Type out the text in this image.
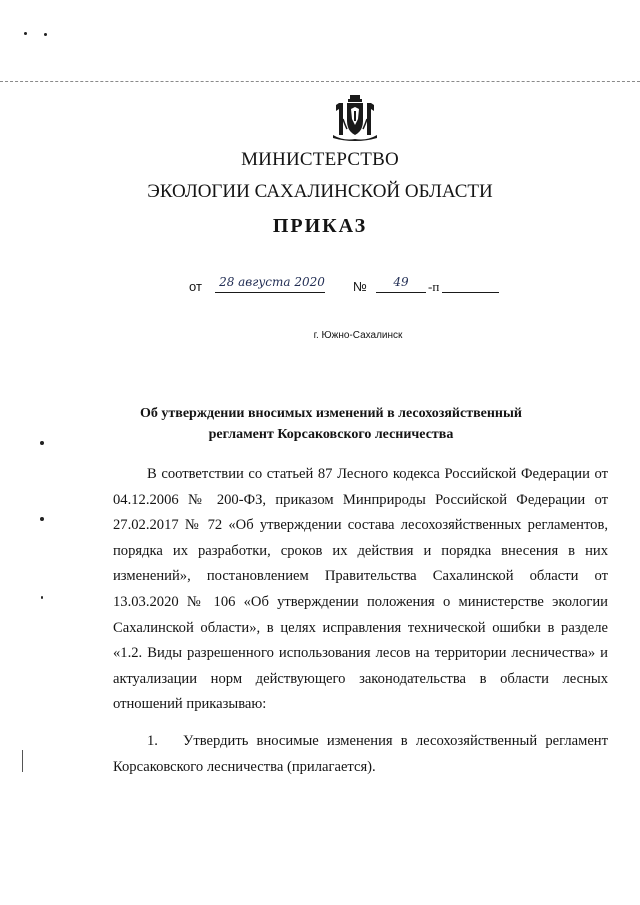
МИНИСТЕРСТВО
ЭКОЛОГИИ САХАЛИНСКОЙ ОБЛАСТИ
ПРИКАЗ
от 28 августа 2020 №	49	-п
г. Южно-Сахалинск
Об утверждении вносимых изменений в лесохозяйственный регламент Корсаковского лесничества

В соответствии со статьей 87 Лесного кодекса Российской Федерации от 04.12.2006 № 200-ФЗ, приказом Минприроды Российской Федерации от 27.02.2017 № 72 «Об утверждении состава лесохозяйственных регламентов, порядка их разработки, сроков их действия и порядка внесения в них изменений», постановлением Правительства Сахалинской области от 13.03.2020 № 106 «Об утверждении положения о министерстве экологии Сахалинской области», в целях исправления технической ошибки в разделе «1.2. Виды разрешенного использования лесов на территории лесничества» и актуализации норм действующего законодательства в области лесных отношений приказываю:

1. Утвердить вносимые изменения в лесохозяйственный регламент Корсаковского лесничества (прилагается).
